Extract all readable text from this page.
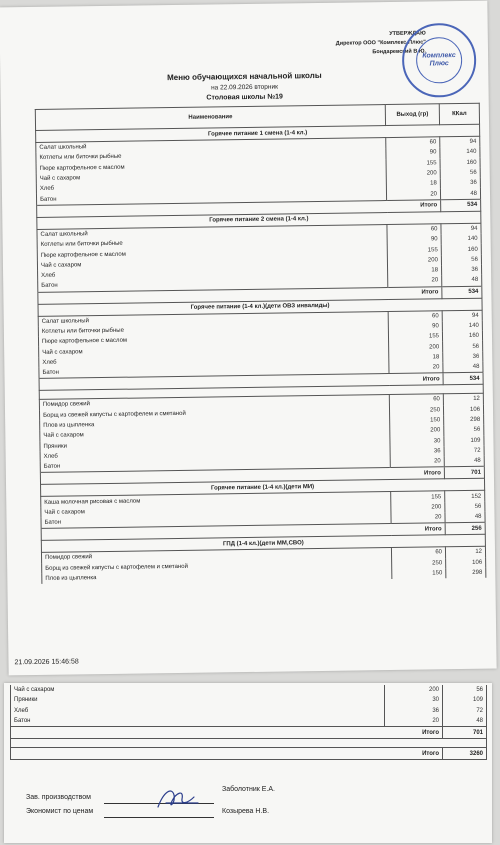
УТВЕРЖДАЮ
Директор ООО "Комплекс-Плюс"
Бондаревский В.Ю.
Комплекс Плюс
Меню обучающихся начальной школы
на 22.09.2026 вторник
Столовая школы №19
Наименование	Выход (гр)	ККал
Горячее питание 1 смена (1-4 кл.)		
Салат школьный	60	94
Котлеты или биточки рыбные	90	140
Пюре картофельное с маслом	155	160
Чай с сахаром	200	56
Хлеб	18	36
Батон	20	48
Итого		534
Горячее питание 2 смена (1-4 кл.)		
Салат школьный	60	94
Котлеты или биточки рыбные	90	140
Пюре картофельное с маслом	155	160
Чай с сахаром	200	56
Хлеб	18	36
Батон	20	48
Итого		534
Горячее питание (1-4 кл.)(дети ОВЗ инвалиды)		
Салат школьный	60	94
Котлеты или биточки рыбные	90	140
Пюре картофельное с маслом	155	160
Чай с сахаром	200	56
Хлеб	18	36
Батон	20	48
Итого		534

Помидор свежий	60	12
Борщ из свежей капусты с картофелем и сметаной	250	106
Плов из цыпленка	150	298
Чай с сахаром	200	56
Пряники	30	109
Хлеб	36	72
Батон	20	48
Итого		701
Горячее питание (1-4 кл.)(дети МИ)		
Каша молочная рисовая с маслом	155	152
Чай с сахаром	200	56
Батон	20	48
Итого		256
ГПД (1-4 кл.)(дети ММ,СВО)		
Помидор свежий	60	12
Борщ из свежей капусты с картофелем и сметаной	250	106
Плов из цыпленка	150	298
21.09.2026 15:46:58
Чай с сахаром	200	56
Пряники	30	109
Хлеб	36	72
Батон	20	48
Итого		701

Итого		3260
Зав. производством
Заболотник Е.А.
Экономист по ценам	Козырева Н.В.
